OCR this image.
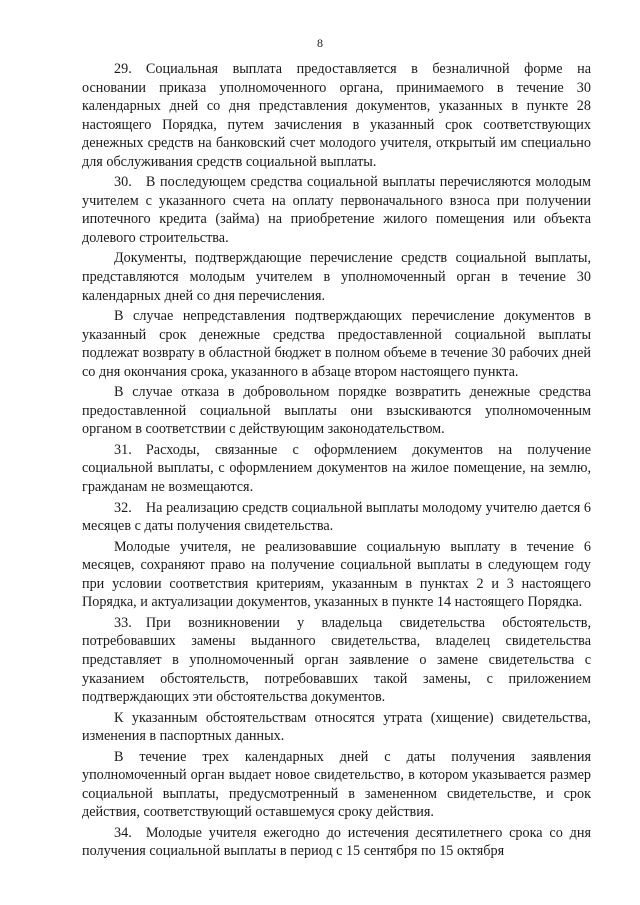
8

29. Социальная выплата предоставляется в безналичной форме на основании приказа уполномоченного органа, принимаемого в течение 30 календарных дней со дня представления документов, указанных в пункте 28 настоящего Порядка, путем зачисления в указанный срок соответствующих денежных средств на банковский счет молодого учителя, открытый им специально для обслуживания средств социальной выплаты.

30. В последующем средства социальной выплаты перечисляются молодым учителем с указанного счета на оплату первоначального взноса при получении ипотечного кредита (займа) на приобретение жилого помещения или объекта долевого строительства.

Документы, подтверждающие перечисление средств социальной выплаты, представляются молодым учителем в уполномоченный орган в течение 30 календарных дней со дня перечисления.

В случае непредставления подтверждающих перечисление документов в указанный срок денежные средства предоставленной социальной выплаты подлежат возврату в областной бюджет в полном объеме в течение 30 рабочих дней со дня окончания срока, указанного в абзаце втором настоящего пункта.

В случае отказа в добровольном порядке возвратить денежные средства предоставленной социальной выплаты они взыскиваются уполномоченным органом в соответствии с действующим законодательством.

31. Расходы, связанные с оформлением документов на получение социальной выплаты, с оформлением документов на жилое помещение, на землю, гражданам не возмещаются.

32. На реализацию средств социальной выплаты молодому учителю дается 6 месяцев с даты получения свидетельства.

Молодые учителя, не реализовавшие социальную выплату в течение 6 месяцев, сохраняют право на получение социальной выплаты в следующем году при условии соответствия критериям, указанным в пунктах 2 и 3 настоящего Порядка, и актуализации документов, указанных в пункте 14 настоящего Порядка.

33. При возникновении у владельца свидетельства обстоятельств, потребовавших замены выданного свидетельства, владелец свидетельства представляет в уполномоченный орган заявление о замене свидетельства с указанием обстоятельств, потребовавших такой замены, с приложением подтверждающих эти обстоятельства документов.

К указанным обстоятельствам относятся утрата (хищение) свидетельства, изменения в паспортных данных.

В течение трех календарных дней с даты получения заявления уполномоченный орган выдает новое свидетельство, в котором указывается размер социальной выплаты, предусмотренный в замененном свидетельстве, и срок действия, соответствующий оставшемуся сроку действия.

34. Молодые учителя ежегодно до истечения десятилетнего срока со дня получения социальной выплаты в период с 15 сентября по 15 октября
